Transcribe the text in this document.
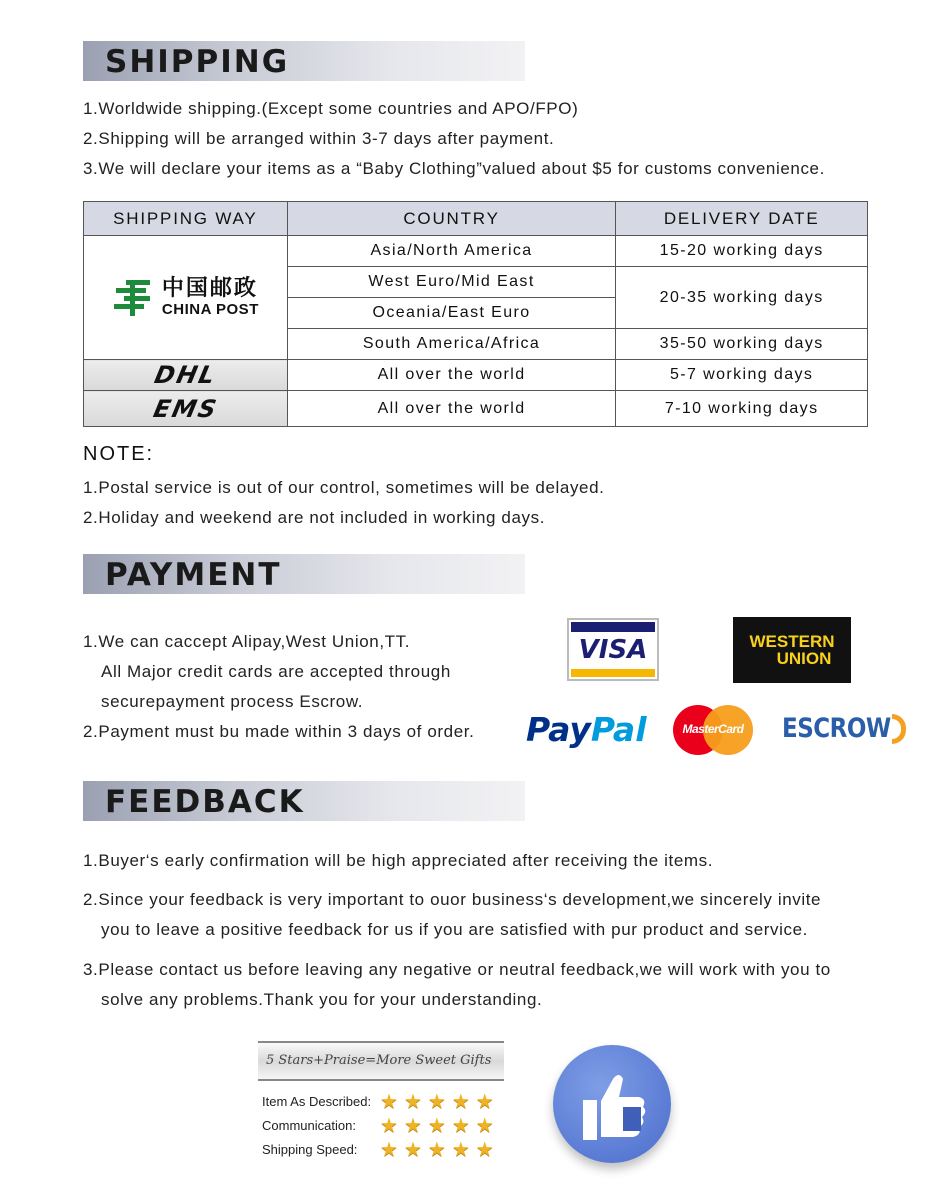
SHIPPING
1.Worldwide shipping.(Except some countries and APO/FPO)
2.Shipping will be arranged within 3-7 days after payment.
3.We will declare your items as a “Baby Clothing”valued about $5 for customs convenience.
SHIPPING WAY	COUNTRY	DELIVERY DATE

中国邮政
CHINA POST	Asia/North America	15-20 working days
	West Euro/Mid East	20-35 working days
	Oceania/East Euro	
	South America/Africa	35-50 working days
DHL	All over the world	5-7 working days
EMS	All over the world	7-10 working days
NOTE:
1.Postal service is out of our control, sometimes will be delayed.
2.Holiday and weekend are not included in working days.
PAYMENT
1.We can caccept Alipay,West Union,TT.
All Major credit cards are accepted through
securepayment process Escrow.
2.Payment must bu made within 3 days of order.
VISA	WESTERN
UNION
PayPal	MasterCard	ESCROW
FEEDBACK
1.Buyer‘s early confirmation will be high appreciated after receiving the items.
2.Since your feedback is very important to ouor business‘s development,we sincerely invite
you to leave a positive feedback for us if you are satisfied with pur product and service.
3.Please contact us before leaving any negative or neutral feedback,we will work with you to
solve any problems.Thank you for your understanding.
5 Stars+Praise=More Sweet Gifts
Item As Described: ★ ★ ★ ★ ★
Communication:	★ ★ ★ ★ ★
Shipping Speed:	★ ★ ★ ★ ★
